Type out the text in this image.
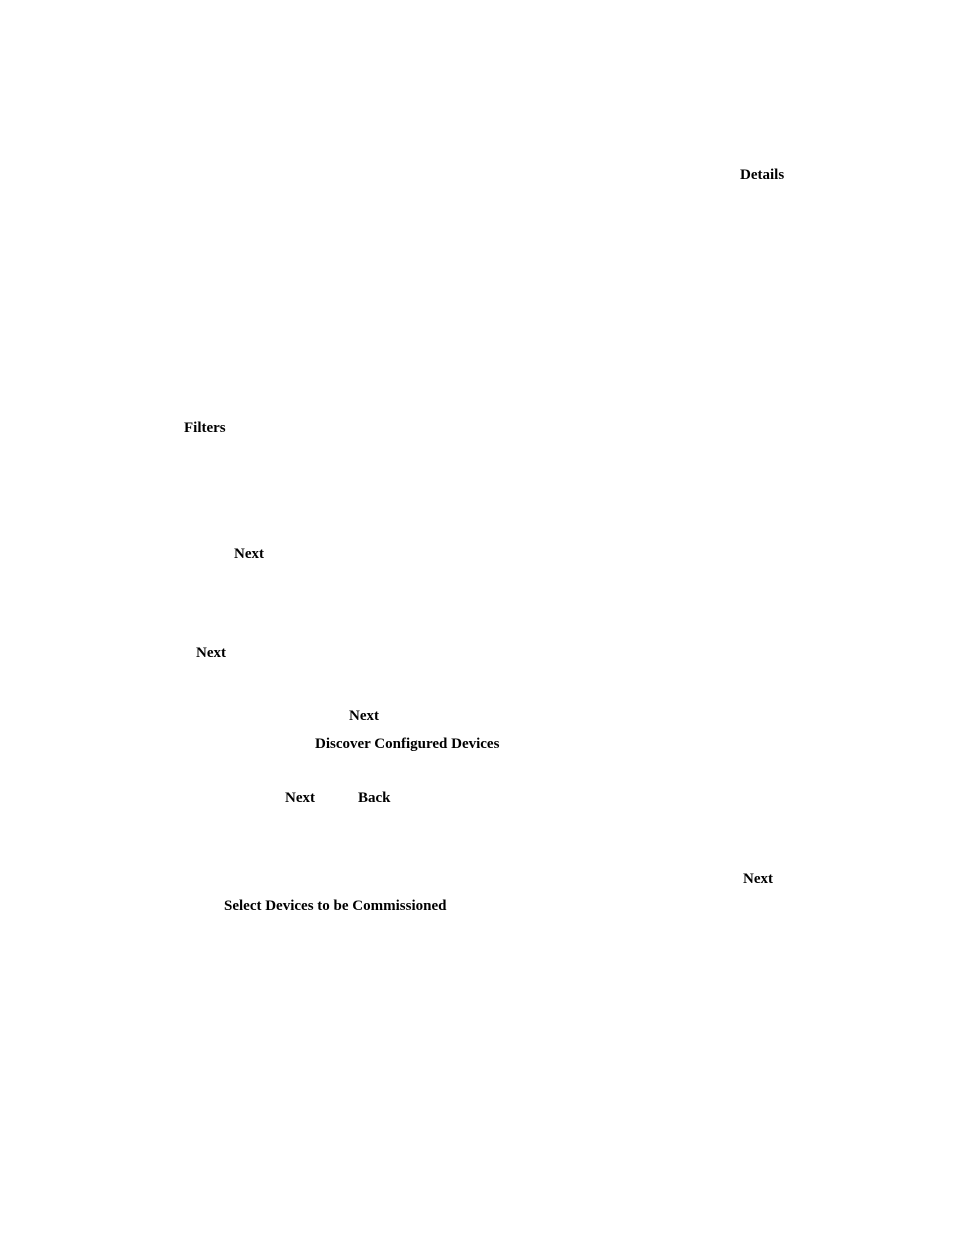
Details
Filters
Next
Next
Next
Discover Configured Devices
Next	Back
Next
Select Devices to be Commissioned
